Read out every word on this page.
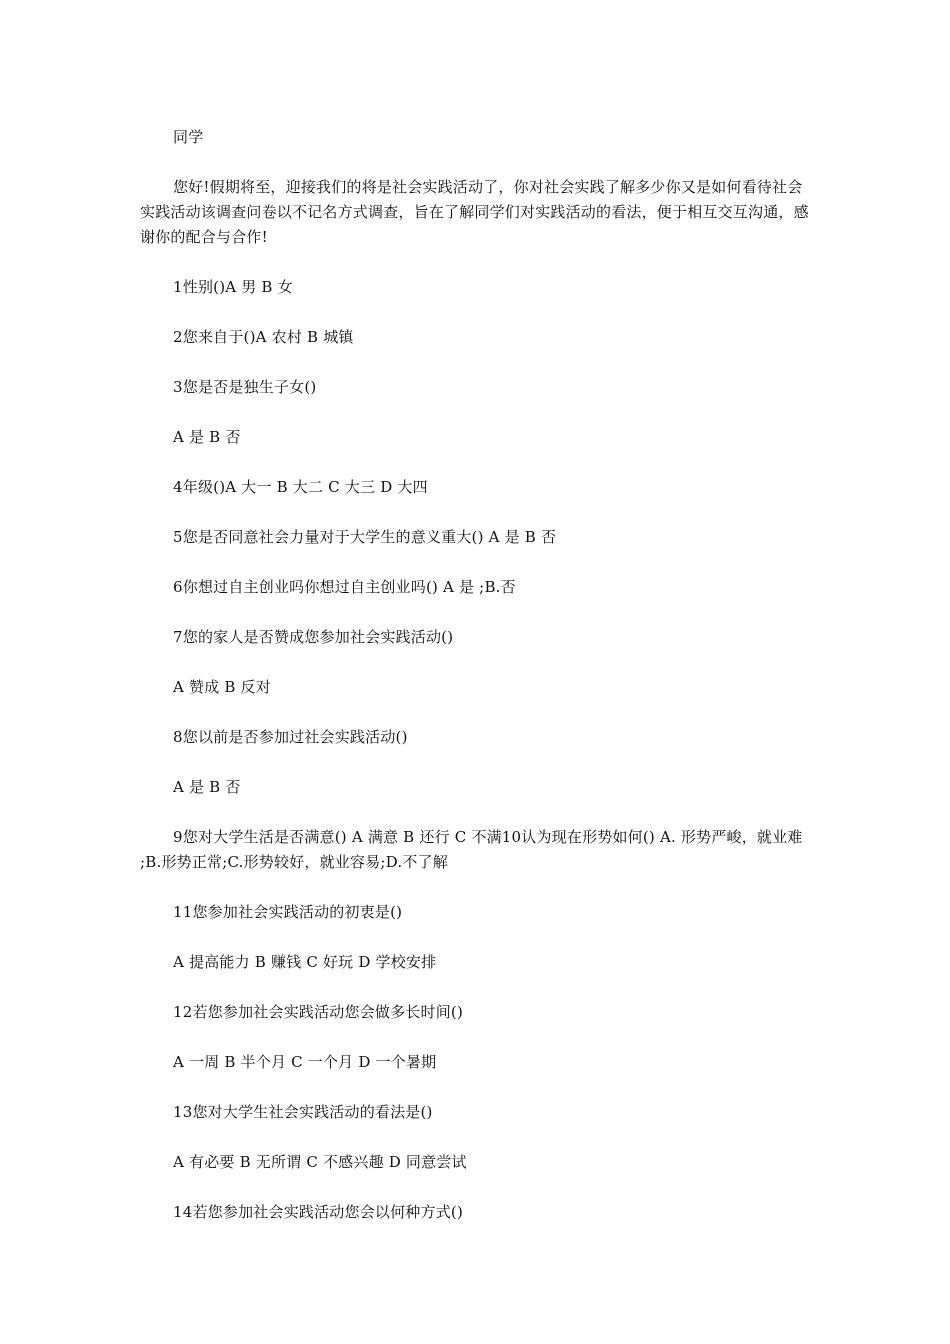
同学
您好!假期将至，迎接我们的将是社会实践活动了，你对社会实践了解多少你又是如何看待社会实践活动该调查问卷以不记名方式调查，旨在了解同学们对实践活动的看法，便于相互交互沟通，感谢你的配合与合作!
1性别()A 男 B 女
2您来自于()A 农村 B 城镇
3您是否是独生子女()
A 是 B 否
4年级()A 大一 B 大二 C 大三 D 大四
5您是否同意社会力量对于大学生的意义重大() A 是 B 否
6你想过自主创业吗你想过自主创业吗() A 是 ;B.否
7您的家人是否赞成您参加社会实践活动()
A 赞成 B 反对
8您以前是否参加过社会实践活动()
A 是 B 否
9您对大学生活是否满意() A 满意 B 还行 C 不满10认为现在形势如何() A. 形势严峻，就业难 ;B.形势正常;C.形势较好，就业容易;D.不了解
11您参加社会实践活动的初衷是()
A 提高能力 B 赚钱 C 好玩 D 学校安排
12若您参加社会实践活动您会做多长时间()
A 一周 B 半个月 C 一个月 D 一个暑期
13您对大学生社会实践活动的看法是()
A 有必要 B 无所谓 C 不感兴趣 D 同意尝试
14若您参加社会实践活动您会以何种方式()
